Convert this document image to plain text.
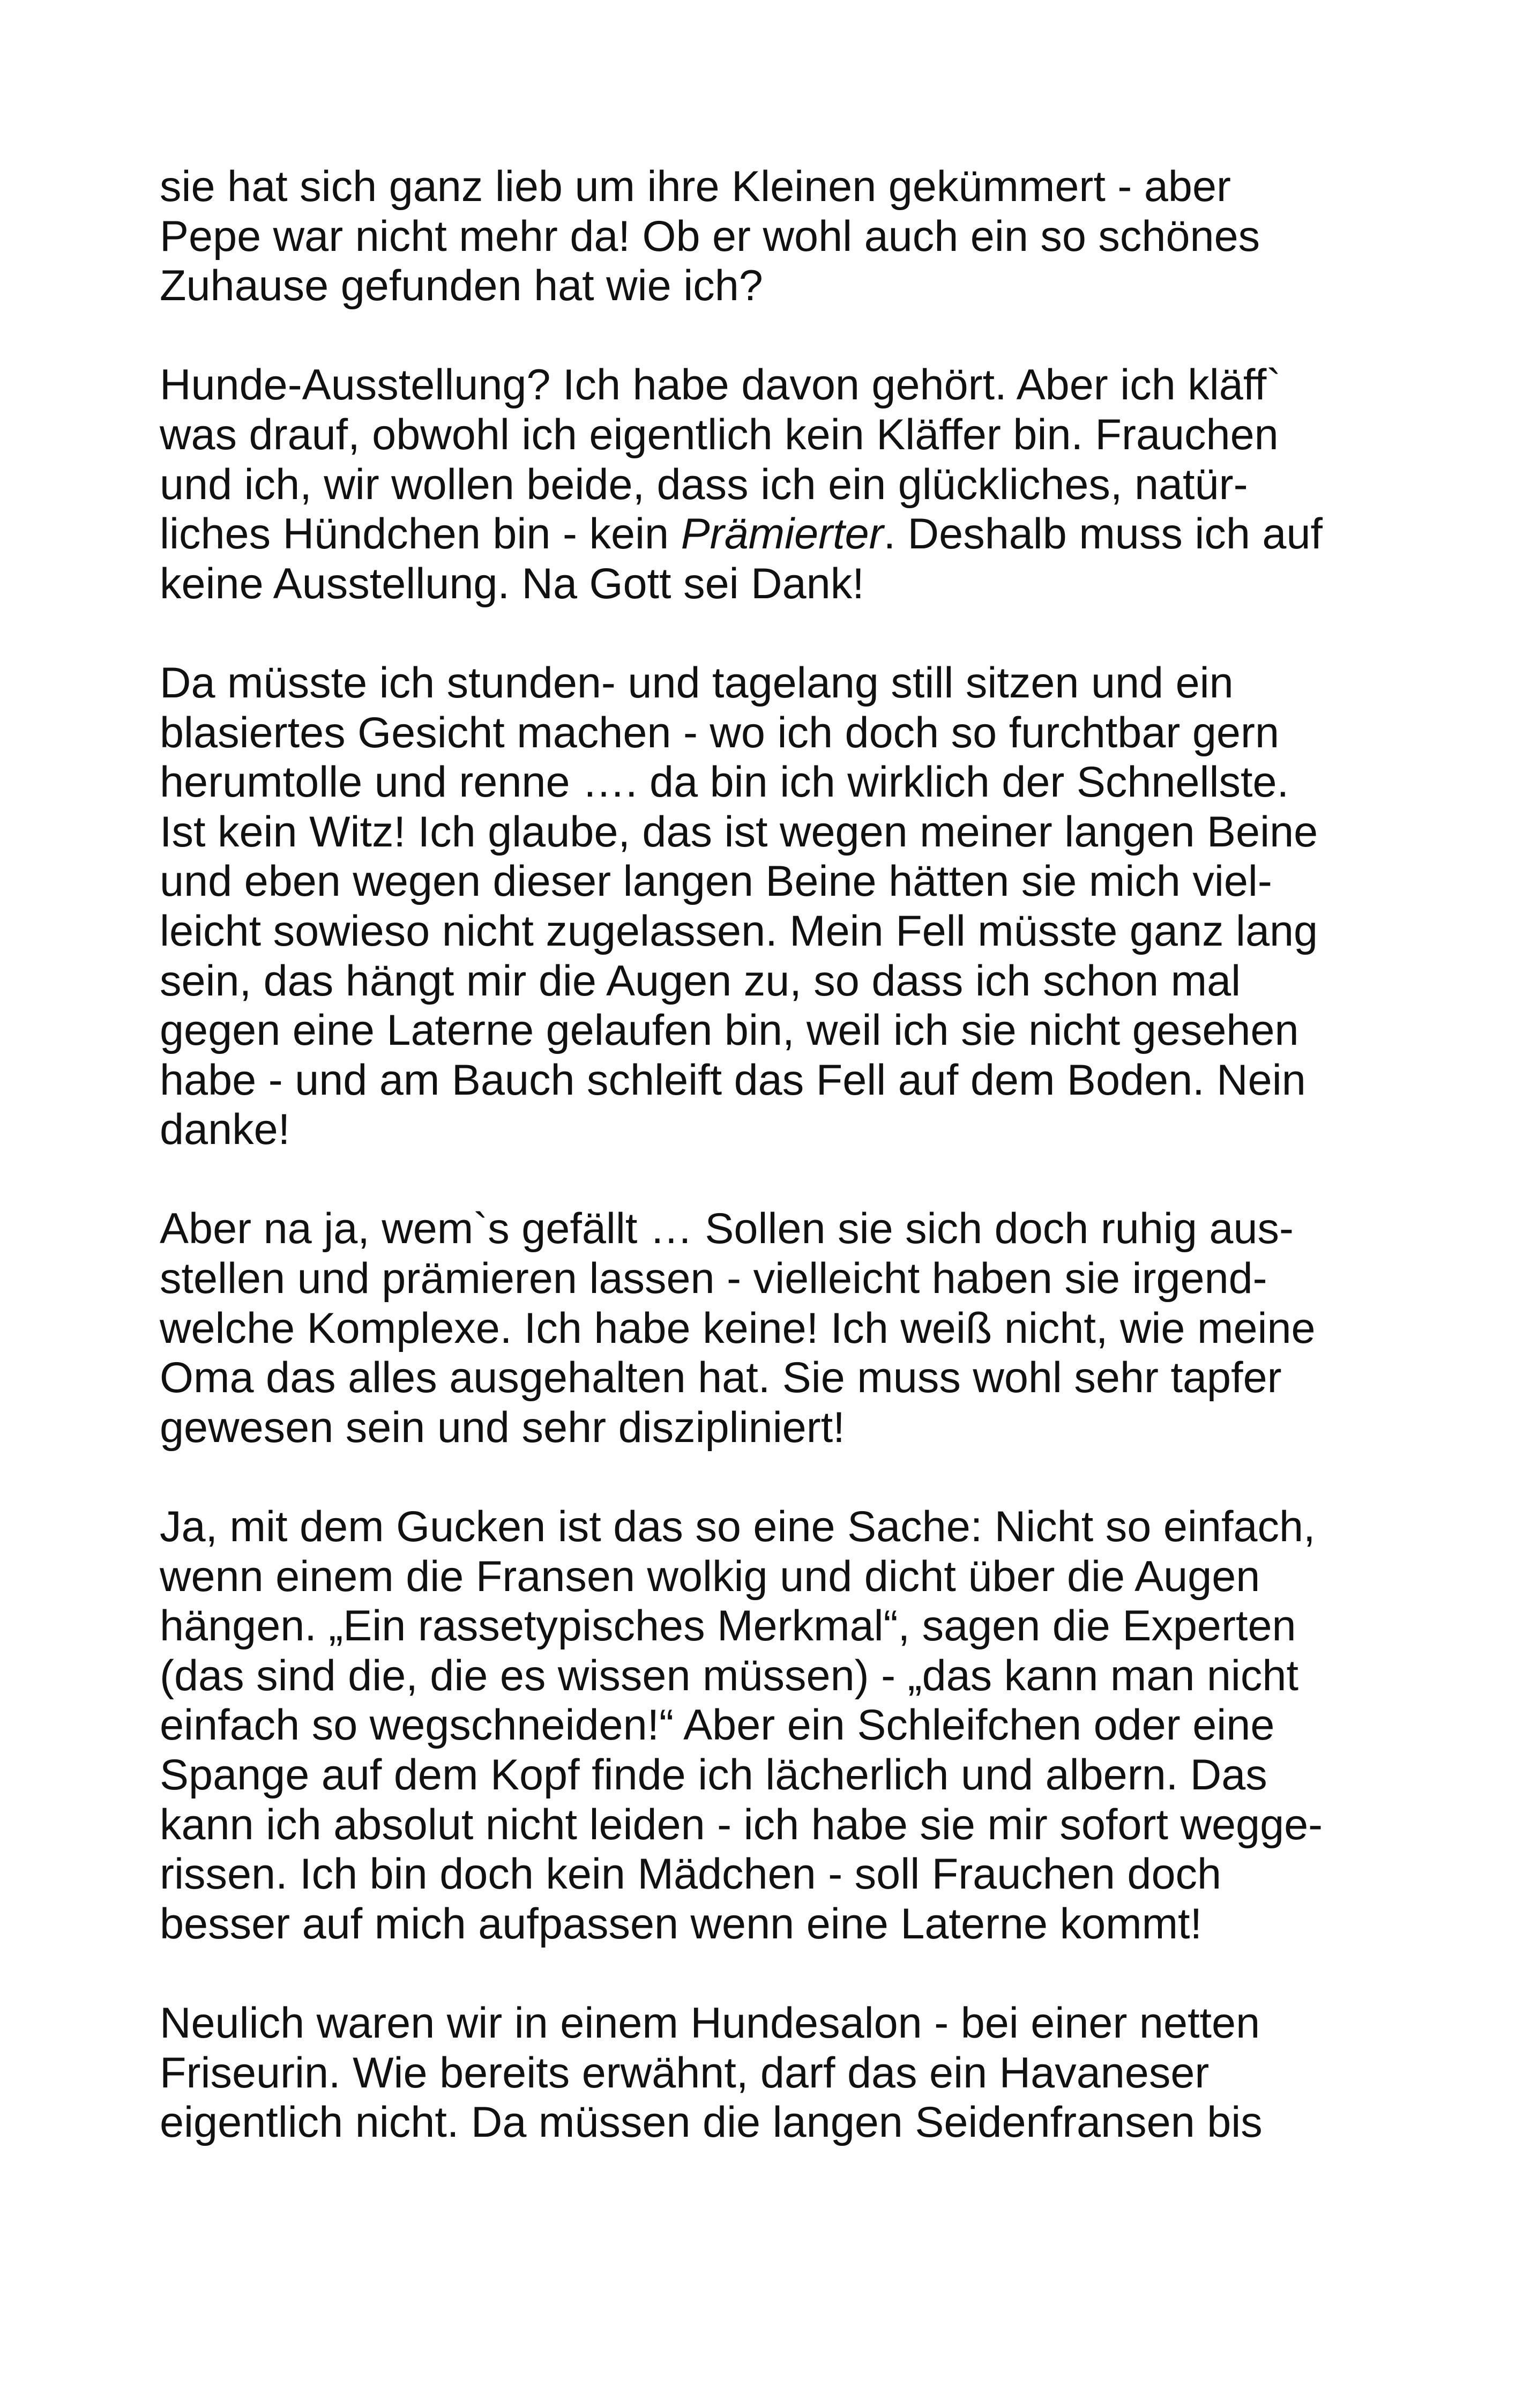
sie hat sich ganz lieb um ihre Kleinen gekümmert - aber
Pepe war nicht mehr da! Ob er wohl auch ein so schönes
Zuhause gefunden hat wie ich?

Hunde-Ausstellung? Ich habe davon gehört. Aber ich kläff`
was drauf, obwohl ich eigentlich kein Kläffer bin. Frauchen
und ich, wir wollen beide, dass ich ein glückliches, natür-
liches Hündchen bin - kein Prämierter. Deshalb muss ich auf
keine Ausstellung. Na Gott sei Dank!

Da müsste ich stunden- und tagelang still sitzen und ein
blasiertes Gesicht machen - wo ich doch so furchtbar gern
herumtolle und renne …. da bin ich wirklich der Schnellste.
Ist kein Witz! Ich glaube, das ist wegen meiner langen Beine
und eben wegen dieser langen Beine hätten sie mich viel-
leicht sowieso nicht zugelassen. Mein Fell müsste ganz lang
sein, das hängt mir die Augen zu, so dass ich schon mal
gegen eine Laterne gelaufen bin, weil ich sie nicht gesehen
habe - und am Bauch schleift das Fell auf dem Boden. Nein
danke!

Aber na ja, wem`s gefällt … Sollen sie sich doch ruhig aus-
stellen und prämieren lassen - vielleicht haben sie irgend-
welche Komplexe. Ich habe keine! Ich weiß nicht, wie meine
Oma das alles ausgehalten hat. Sie muss wohl sehr tapfer
gewesen sein und sehr diszipliniert!

Ja, mit dem Gucken ist das so eine Sache: Nicht so einfach,
wenn einem die Fransen wolkig und dicht über die Augen
hängen. „Ein rassetypisches Merkmal“, sagen die Experten
(das sind die, die es wissen müssen) - „das kann man nicht
einfach so wegschneiden!“ Aber ein Schleifchen oder eine
Spange auf dem Kopf finde ich lächerlich und albern. Das
kann ich absolut nicht leiden - ich habe sie mir sofort wegge-
rissen. Ich bin doch kein Mädchen - soll Frauchen doch
besser auf mich aufpassen wenn eine Laterne kommt!

Neulich waren wir in einem Hundesalon - bei einer netten
Friseurin. Wie bereits erwähnt, darf das ein Havaneser
eigentlich nicht. Da müssen die langen Seidenfransen bis
